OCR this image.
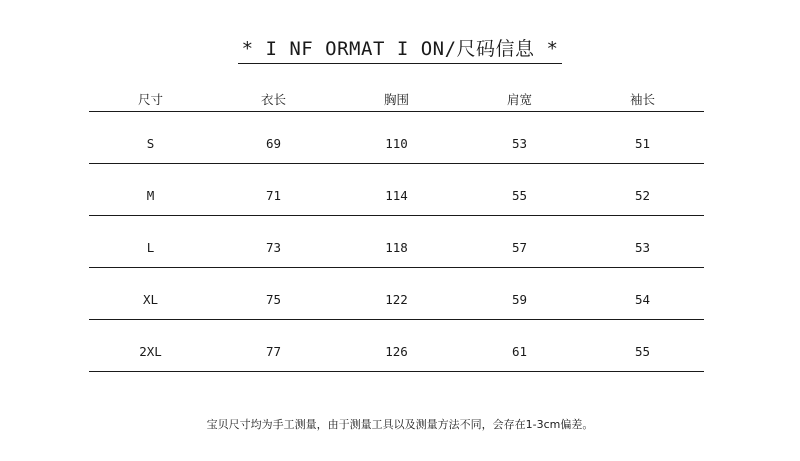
* I NF ORMAT I ON/尺码信息 *
尺寸	衣长	胸围	肩宽	袖长
S	69	110	53	51
M	71	114	55	52
L	73	118	57	53
XL	75	122	59	54
2XL	77	126	61	55
宝贝尺寸均为手工测量，由于测量工具以及测量方法不同，会存在1-3cm偏差。
